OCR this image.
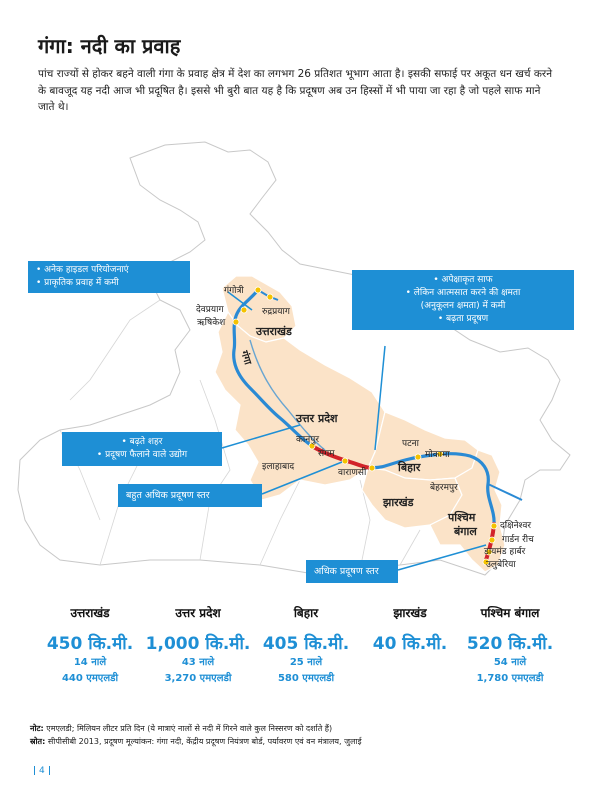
गंगा
गंगा: नदी का प्रवाह
पांच राज्यों से होकर बहने वाली गंगा के प्रवाह क्षेत्र में देश का लगभग 26 प्रतिशत भूभाग आता है। इसकी सफाई पर अकूत धन खर्च करने के बावजूद यह नदी आज भी प्रदूषित है। इससे भी बुरी बात यह है कि प्रदूषण अब उन हिस्सों में भी पाया जा रहा है जो पहले साफ माने जाते थे।
गंगोत्री
देवप्रयाग
ऋषिकेश
रुद्रप्रयाग
कानपुर
संगम
इलाहाबाद
वाराणसी
पटना
मोकामा
बेहरमपुर
दक्षिनेश्वर
गार्डन रीच
डायमंड हार्बर
उलुबेरिया
उत्तराखंड
उत्तर प्रदेश
बिहार
झारखंड
पश्चिम
बंगाल
• अनेक हाइडल परियोजनाएं
• प्राकृतिक प्रवाह में कमी	• अपेक्षाकृत साफ
• लेकिन आत्मसात करने की क्षमता
(अनुकूलन क्षमता) में कमी
• बढ़ता प्रदूषण
• बढ़ते शहर
• प्रदूषण फैलाने वाले उद्योग
बहुत अधिक प्रदूषण स्तर
अधिक प्रदूषण स्तर
उत्तराखंड
450 कि.मी.
14 नाले
440 एमएलडी
उत्तर प्रदेश
1,000 कि.मी.
43 नाले
3,270 एमएलडी
बिहार
405 कि.मी.
25 नाले
580 एमएलडी
झारखंड
40 कि.मी.
पश्चिम बंगाल
520 कि.मी.
54 नाले
1,780 एमएलडी
नोट: एमएलडी; मिलियन लीटर प्रति दिन (ये मात्राएं नालों से नदी में गिरने वाले कुल निस्सरण को दर्शाते हैं)
स्रोत: सीपीसीबी 2013, प्रदूषण मूल्यांकन: गंगा नदी, केंद्रीय प्रदूषण नियंत्रण बोर्ड, पर्यावरण एवं वन मंत्रालय, जुलाई
4
